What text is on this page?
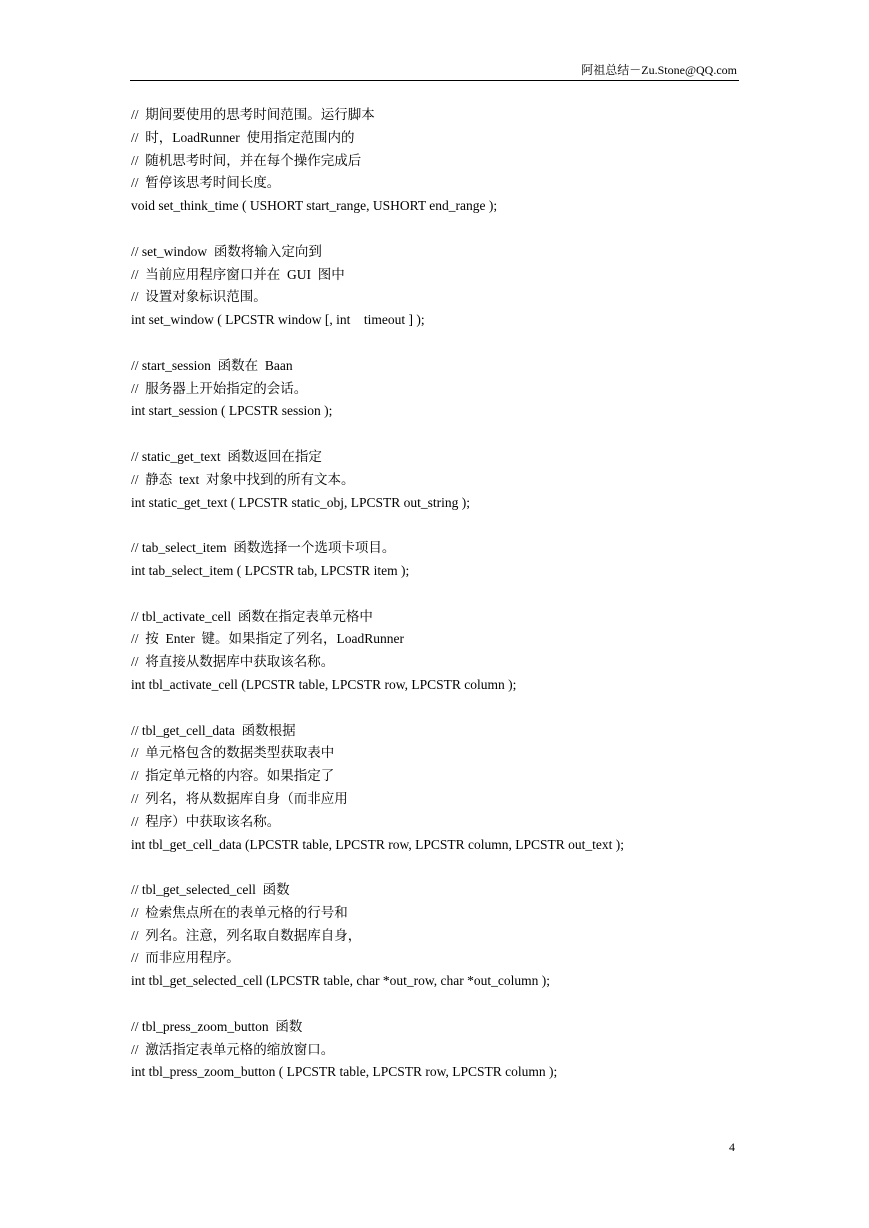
阿祖总结－Zu.Stone@QQ.com
//  期间要使用的思考时间范围。运行脚本
//  时，LoadRunner  使用指定范围内的
//  随机思考时间，并在每个操作完成后
//  暂停该思考时间长度。
void set_think_time ( USHORT start_range, USHORT end_range );
// set_window  函数将输入定向到
//  当前应用程序窗口并在  GUI  图中
//  设置对象标识范围。
int set_window ( LPCSTR window [, int    timeout ] );
// start_session  函数在  Baan
//  服务器上开始指定的会话。
int start_session ( LPCSTR session );
// static_get_text  函数返回在指定
//  静态  text  对象中找到的所有文本。
int static_get_text ( LPCSTR static_obj, LPCSTR out_string );
// tab_select_item  函数选择一个选项卡项目。
int tab_select_item ( LPCSTR tab, LPCSTR item );
// tbl_activate_cell  函数在指定表单元格中
//  按  Enter  键。如果指定了列名，LoadRunner
//  将直接从数据库中获取该名称。
int tbl_activate_cell (LPCSTR table, LPCSTR row, LPCSTR column );
// tbl_get_cell_data  函数根据
//  单元格包含的数据类型获取表中
//  指定单元格的内容。如果指定了
//  列名，将从数据库自身（而非应用
//  程序）中获取该名称。
int tbl_get_cell_data (LPCSTR table, LPCSTR row, LPCSTR column, LPCSTR out_text );
// tbl_get_selected_cell  函数
//  检索焦点所在的表单元格的行号和
//  列名。注意，列名取自数据库自身，
//  而非应用程序。
int tbl_get_selected_cell (LPCSTR table, char *out_row, char *out_column );
// tbl_press_zoom_button  函数
//  激活指定表单元格的缩放窗口。
int tbl_press_zoom_button ( LPCSTR table, LPCSTR row, LPCSTR column );
4
